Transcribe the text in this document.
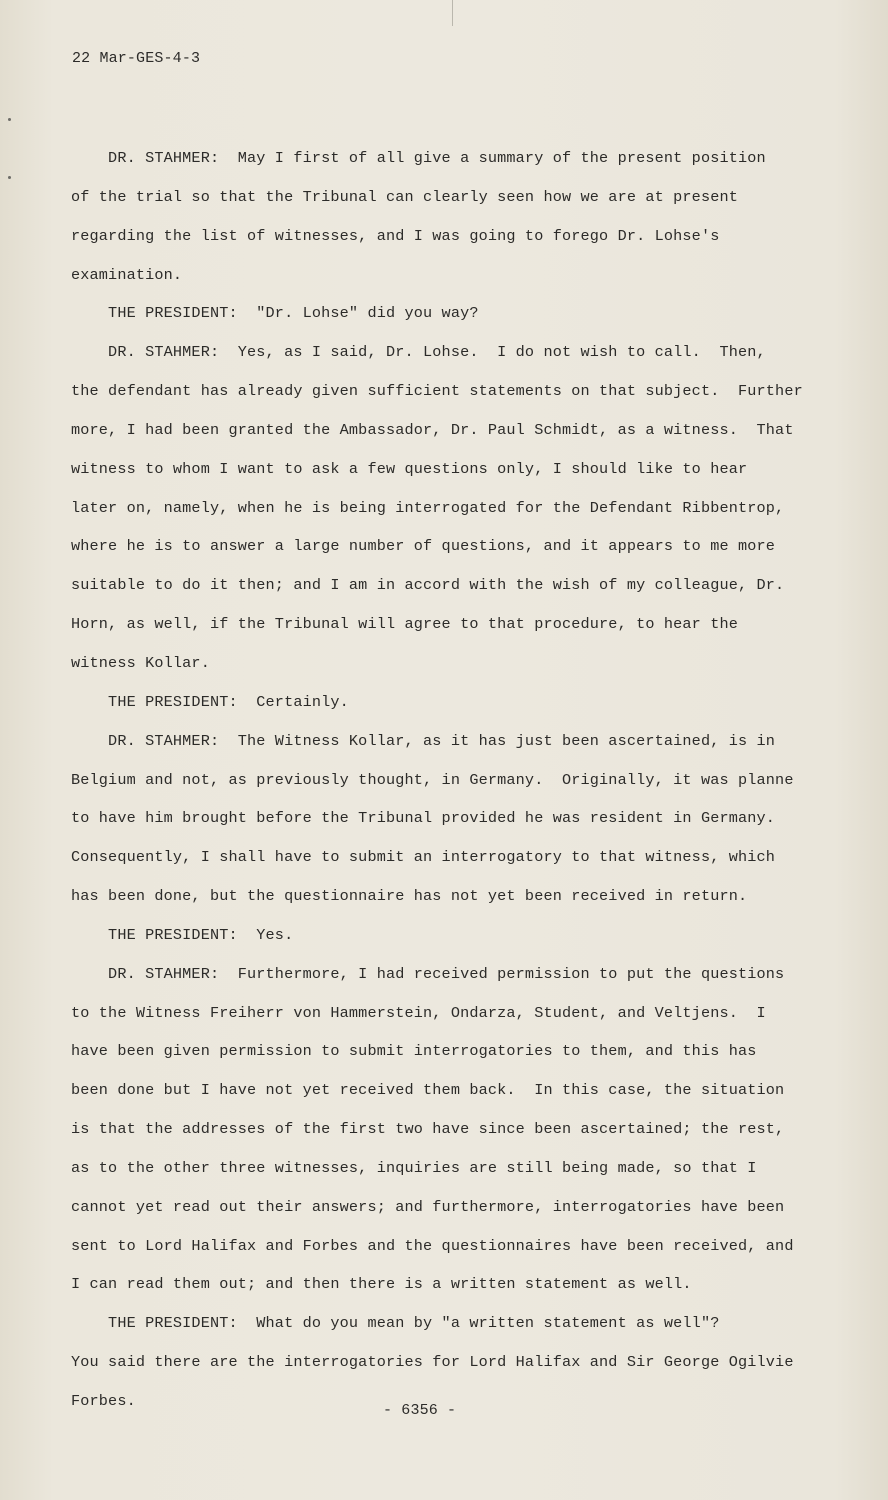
22 Mar-GES-4-3
DR. STAHMER:  May I first of all give a summary of the present position
of the trial so that the Tribunal can clearly seen how we are at present
regarding the list of witnesses, and I was going to forego Dr. Lohse's
examination.
THE PRESIDENT:  "Dr. Lohse" did you way?
DR. STAHMER:  Yes, as I said, Dr. Lohse.  I do not wish to call.  Then,
the defendant has already given sufficient statements on that subject.  Further
more, I had been granted the Ambassador, Dr. Paul Schmidt, as a witness.  That
witness to whom I want to ask a few questions only, I should like to hear
later on, namely, when he is being interrogated for the Defendant Ribbentrop,
where he is to answer a large number of questions, and it appears to me more
suitable to do it then; and I am in accord with the wish of my colleague, Dr.
Horn, as well, if the Tribunal will agree to that procedure, to hear the
witness Kollar.
THE PRESIDENT:  Certainly.
DR. STAHMER:  The Witness Kollar, as it has just been ascertained, is in
Belgium and not, as previously thought, in Germany.  Originally, it was planne
to have him brought before the Tribunal provided he was resident in Germany.
Consequently, I shall have to submit an interrogatory to that witness, which
has been done, but the questionnaire has not yet been received in return.
THE PRESIDENT:  Yes.
DR. STAHMER:  Furthermore, I had received permission to put the questions
to the Witness Freiherr von Hammerstein, Ondarza, Student, and Veltjens.  I
have been given permission to submit interrogatories to them, and this has
been done but I have not yet received them back.  In this case, the situation
is that the addresses of the first two have since been ascertained; the rest,
as to the other three witnesses, inquiries are still being made, so that I
cannot yet read out their answers; and furthermore, interrogatories have been
sent to Lord Halifax and Forbes and the questionnaires have been received, and
I can read them out; and then there is a written statement as well.
THE PRESIDENT:  What do you mean by "a written statement as well"?
You said there are the interrogatories for Lord Halifax and Sir George Ogilvie
Forbes.
- 6356 -
